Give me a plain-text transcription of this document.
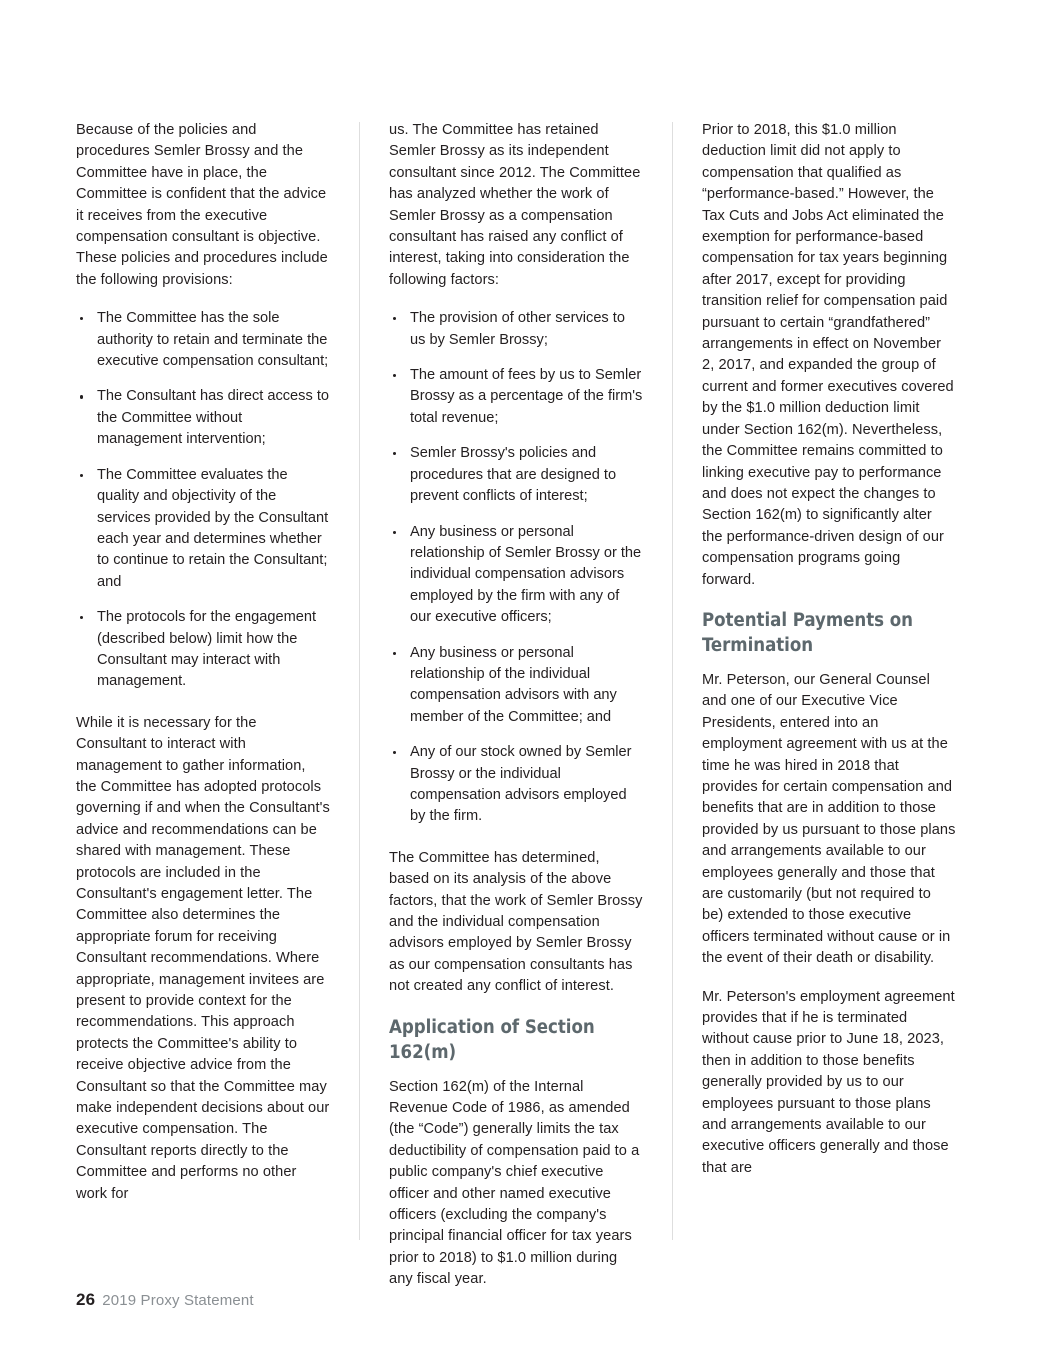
Because of the policies and procedures Semler Brossy and the Committee have in place, the Committee is confident that the advice it receives from the executive compensation consultant is objective. These policies and procedures include the following provisions:

The Committee has the sole authority to retain and terminate the executive compensation consultant;
The Consultant has direct access to the Committee without management intervention;
The Committee evaluates the quality and objectivity of the services provided by the Consultant each year and determines whether to continue to retain the Consultant; and
The protocols for the engagement (described below) limit how the Consultant may interact with management.

While it is necessary for the Consultant to interact with management to gather information, the Committee has adopted protocols governing if and when the Consultant's advice and recommendations can be shared with management. These protocols are included in the Consultant's engagement letter. The Committee also determines the appropriate forum for receiving Consultant recommendations. Where appropriate, management invitees are present to provide context for the recommendations. This approach protects the Committee's ability to receive objective advice from the Consultant so that the Committee may make independent decisions about our executive compensation. The Consultant reports directly to the Committee and performs no other work for

us. The Committee has retained Semler Brossy as its independent consultant since 2012. The Committee has analyzed whether the work of Semler Brossy as a compensation consultant has raised any conflict of interest, taking into consideration the following factors:

The provision of other services to us by Semler Brossy;
The amount of fees by us to Semler Brossy as a percentage of the firm's total revenue;
Semler Brossy's policies and procedures that are designed to prevent conflicts of interest;
Any business or personal relationship of Semler Brossy or the individual compensation advisors employed by the firm with any of our executive officers;
Any business or personal relationship of the individual compensation advisors with any member of the Committee; and
Any of our stock owned by Semler Brossy or the individual compensation advisors employed by the firm.

The Committee has determined, based on its analysis of the above factors, that the work of Semler Brossy and the individual compensation advisors employed by Semler Brossy as our compensation consultants has not created any conflict of interest.

Application of Section 162(m)

Section 162(m) of the Internal Revenue Code of 1986, as amended (the “Code”) generally limits the tax deductibility of compensation paid to a public company's chief executive officer and other named executive officers (excluding the company's principal financial officer for tax years prior to 2018) to $1.0 million during any fiscal year.

Prior to 2018, this $1.0 million deduction limit did not apply to compensation that qualified as “performance-based.” However, the Tax Cuts and Jobs Act eliminated the exemption for performance-based compensation for tax years beginning after 2017, except for providing transition relief for compensation paid pursuant to certain “grandfathered” arrangements in effect on November 2, 2017, and expanded the group of current and former executives covered by the $1.0 million deduction limit under Section 162(m). Nevertheless, the Committee remains committed to linking executive pay to performance and does not expect the changes to Section 162(m) to significantly alter the performance-driven design of our compensation programs going forward.

Potential Payments on Termination

Mr. Peterson, our General Counsel and one of our Executive Vice Presidents, entered into an employment agreement with us at the time he was hired in 2018 that provides for certain compensation and benefits that are in addition to those provided by us pursuant to those plans and arrangements available to our employees generally and those that are customarily (but not required to be) extended to those executive officers terminated without cause or in the event of their death or disability.

Mr. Peterson's employment agreement provides that if he is terminated without cause prior to June 18, 2023, then in addition to those benefits generally provided by us to our employees pursuant to those plans and arrangements available to our executive officers generally and those that are

26 2019 Proxy Statement
